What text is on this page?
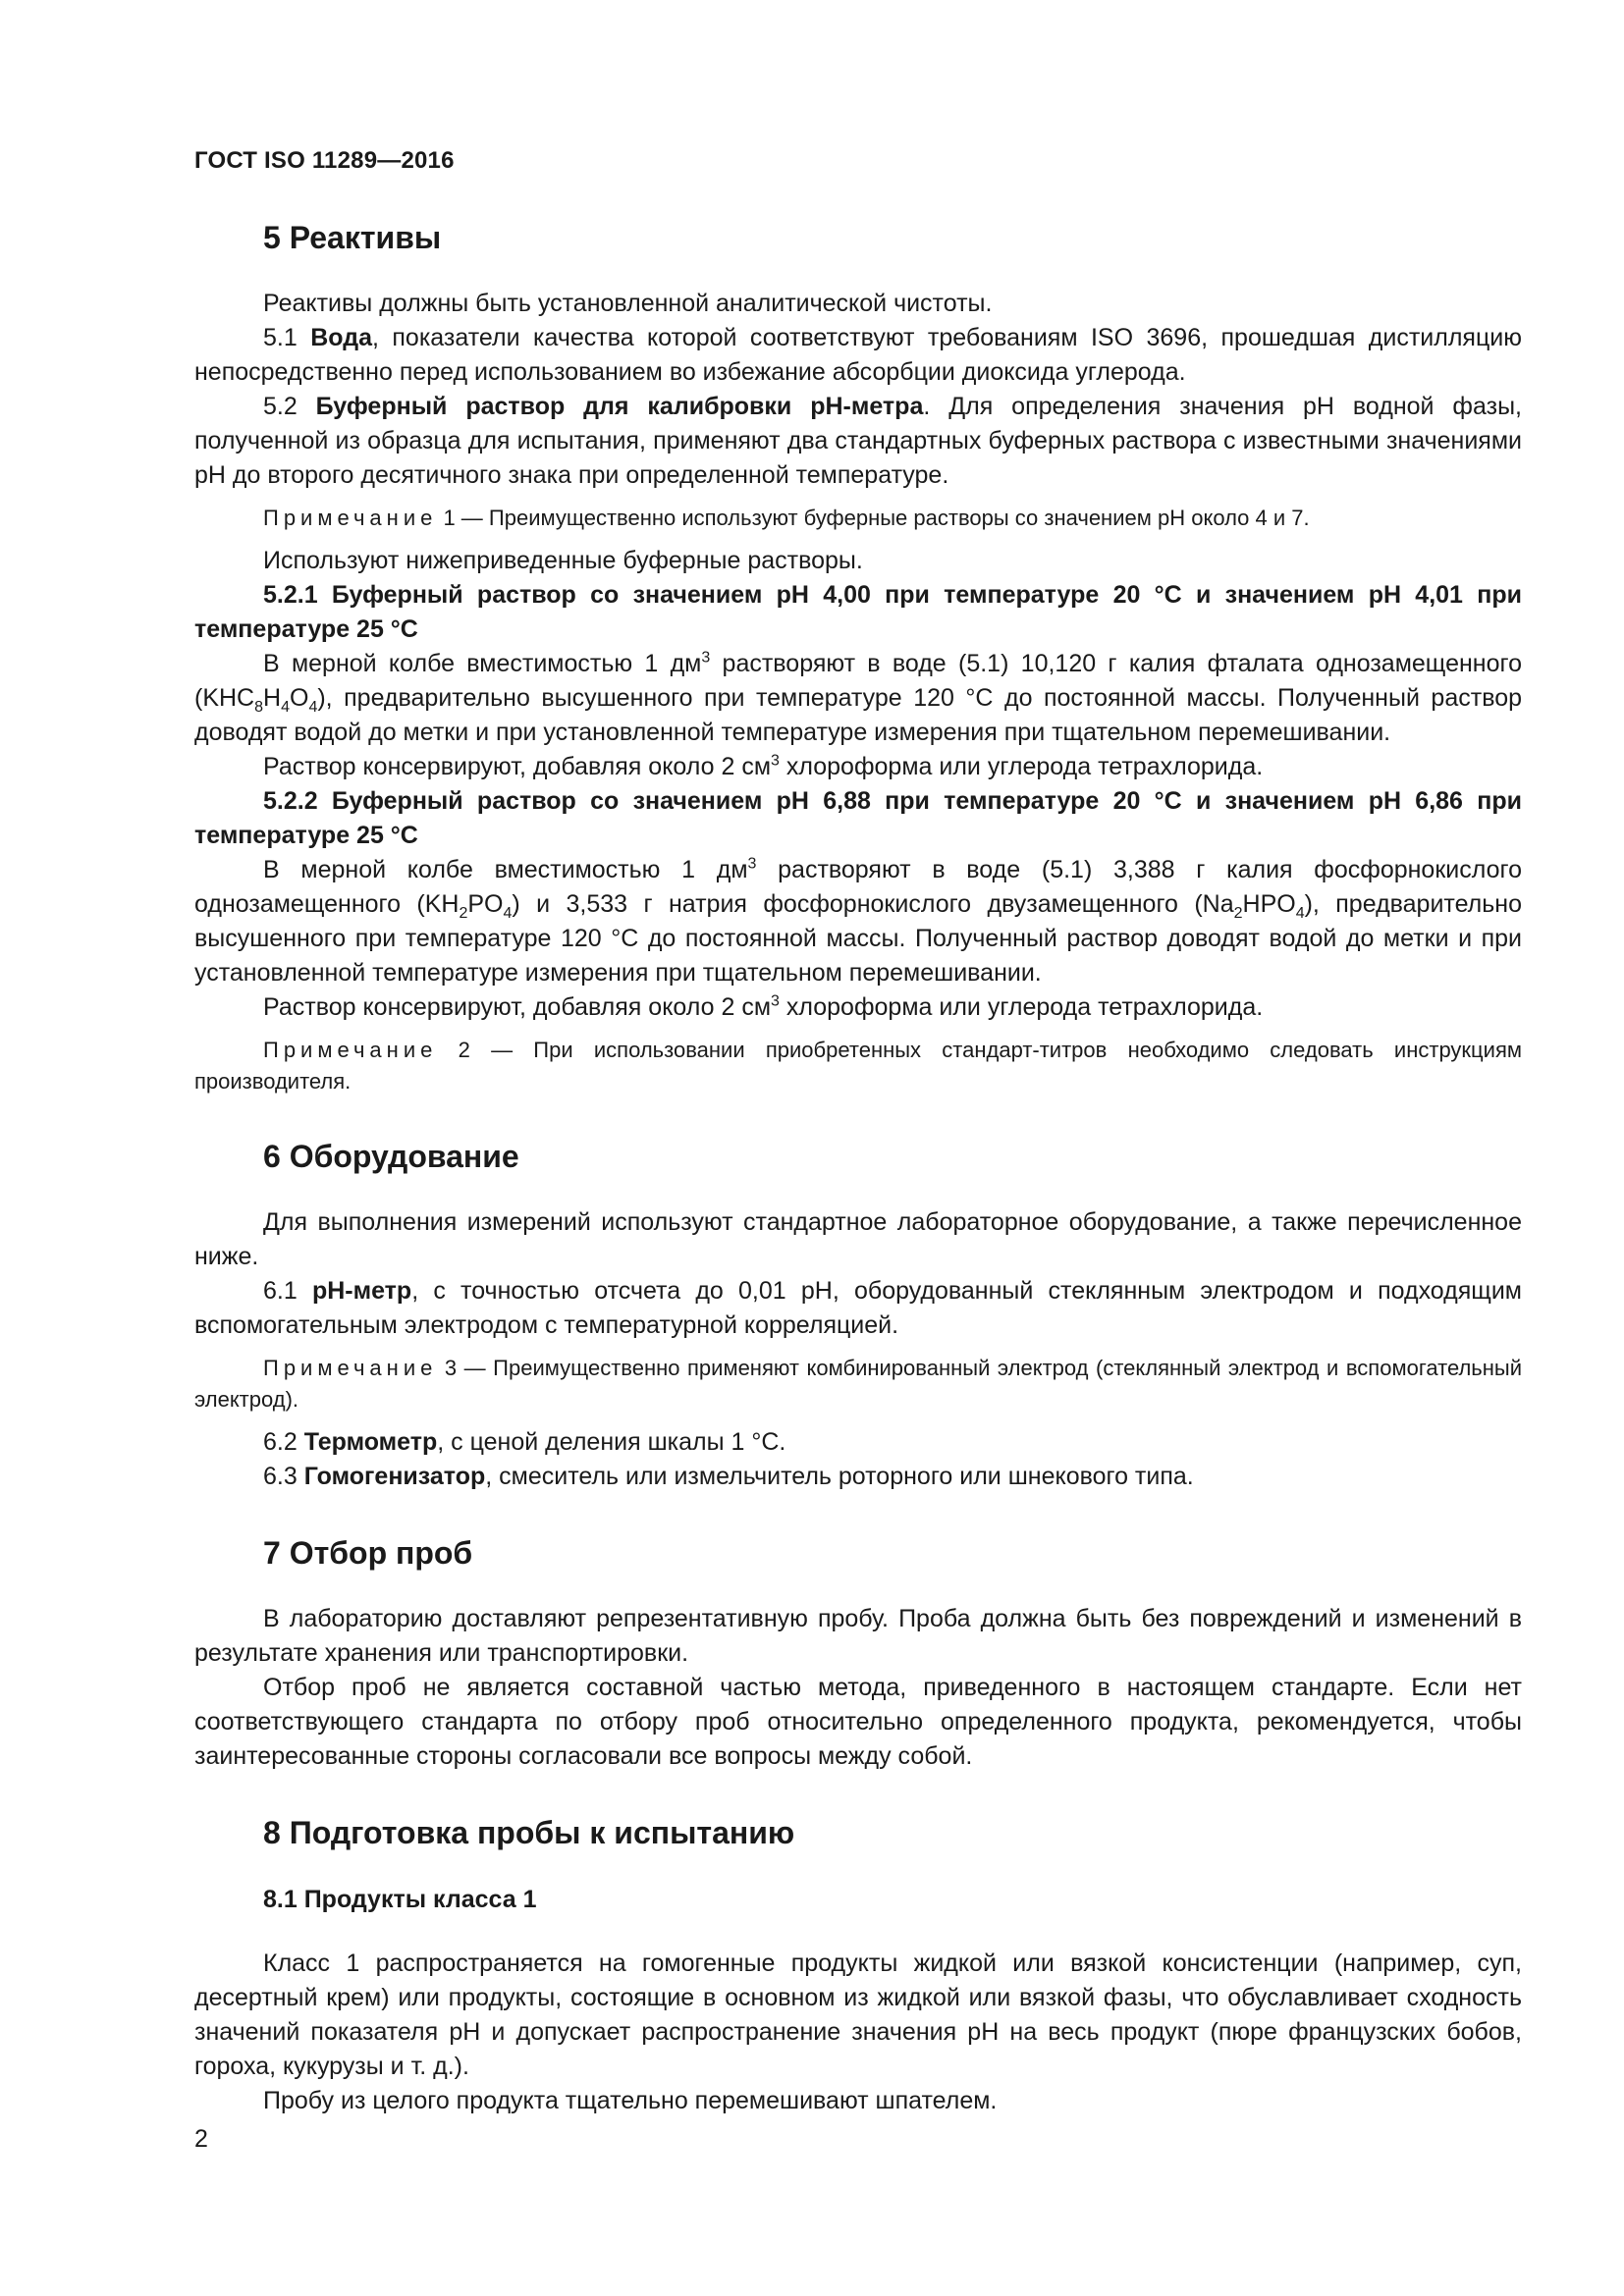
ГОСТ ISO 11289—2016
5 Реактивы

Реактивы должны быть установленной аналитической чистоты.

5.1 Вода, показатели качества которой соответствуют требованиям ISO 3696, прошедшая дистилляцию непосредственно перед использованием во избежание абсорбции диоксида углерода.

5.2 Буферный раствор для калибровки рН-метра. Для определения значения рН водной фазы, полученной из образца для испытания, применяют два стандартных буферных раствора с известными значениями рН до второго десятичного знака при определенной температуре.

Примечание 1 — Преимущественно используют буферные растворы со значением рН около 4 и 7.

Используют нижеприведенные буферные растворы.

5.2.1 Буферный раствор со значением рН 4,00 при температуре 20 °С и значением рН 4,01 при температуре 25 °С

В мерной колбе вместимостью 1 $дм^3$ растворяют в воде (5.1) 10,120 г калия фталата однозамещенного $(KHC_8H_4O_4)$, предварительно высушенного при температуре 120 °С до постоянной массы. Полученный раствор доводят водой до метки и при установленной температуре измерения при тщательном перемешивании.

Раствор консервируют, добавляя около 2 $см^3$ хлороформа или углерода тетрахлорида.

5.2.2 Буферный раствор со значением рН 6,88 при температуре 20 °С и значением рН 6,86 при температуре 25 °С

В мерной колбе вместимостью 1 $дм^3$ растворяют в воде (5.1) 3,388 г калия фосфорнокислого однозамещенного $(KH_2PO_4)$ и 3,533 г натрия фосфорнокислого двузамещенного $(Na_2HPO_4)$, предварительно высушенного при температуре 120 °С до постоянной массы. Полученный раствор доводят водой до метки и при установленной температуре измерения при тщательном перемешивании.

Раствор консервируют, добавляя около 2 $см^3$ хлороформа или углерода тетрахлорида.

Примечание 2 — При использовании приобретенных стандарт-титров необходимо следовать инструкциям производителя.
6 Оборудование

Для выполнения измерений используют стандартное лабораторное оборудование, а также перечисленное ниже.

6.1 рН-метр, с точностью отсчета до 0,01 рН, оборудованный стеклянным электродом и подходящим вспомогательным электродом с температурной корреляцией.

Примечание 3 — Преимущественно применяют комбинированный электрод (стеклянный электрод и вспомогательный электрод).

6.2 Термометр, с ценой деления шкалы 1 °С.

6.3 Гомогенизатор, смеситель или измельчитель роторного или шнекового типа.

7 Отбор проб

В лабораторию доставляют репрезентативную пробу. Проба должна быть без повреждений и изменений в результате хранения или транспортировки.

Отбор проб не является составной частью метода, приведенного в настоящем стандарте. Если нет соответствующего стандарта по отбору проб относительно определенного продукта, рекомендуется, чтобы заинтересованные стороны согласовали все вопросы между собой.

8 Подготовка пробы к испытанию
8.1 Продукты класса 1

Класс 1 распространяется на гомогенные продукты жидкой или вязкой консистенции (например, суп, десертный крем) или продукты, состоящие в основном из жидкой или вязкой фазы, что обуславливает сходность значений показателя рН и допускает распространение значения рН на весь продукт (пюре французских бобов, гороха, кукурузы и т. д.).

Пробу из целого продукта тщательно перемешивают шпателем.

2
